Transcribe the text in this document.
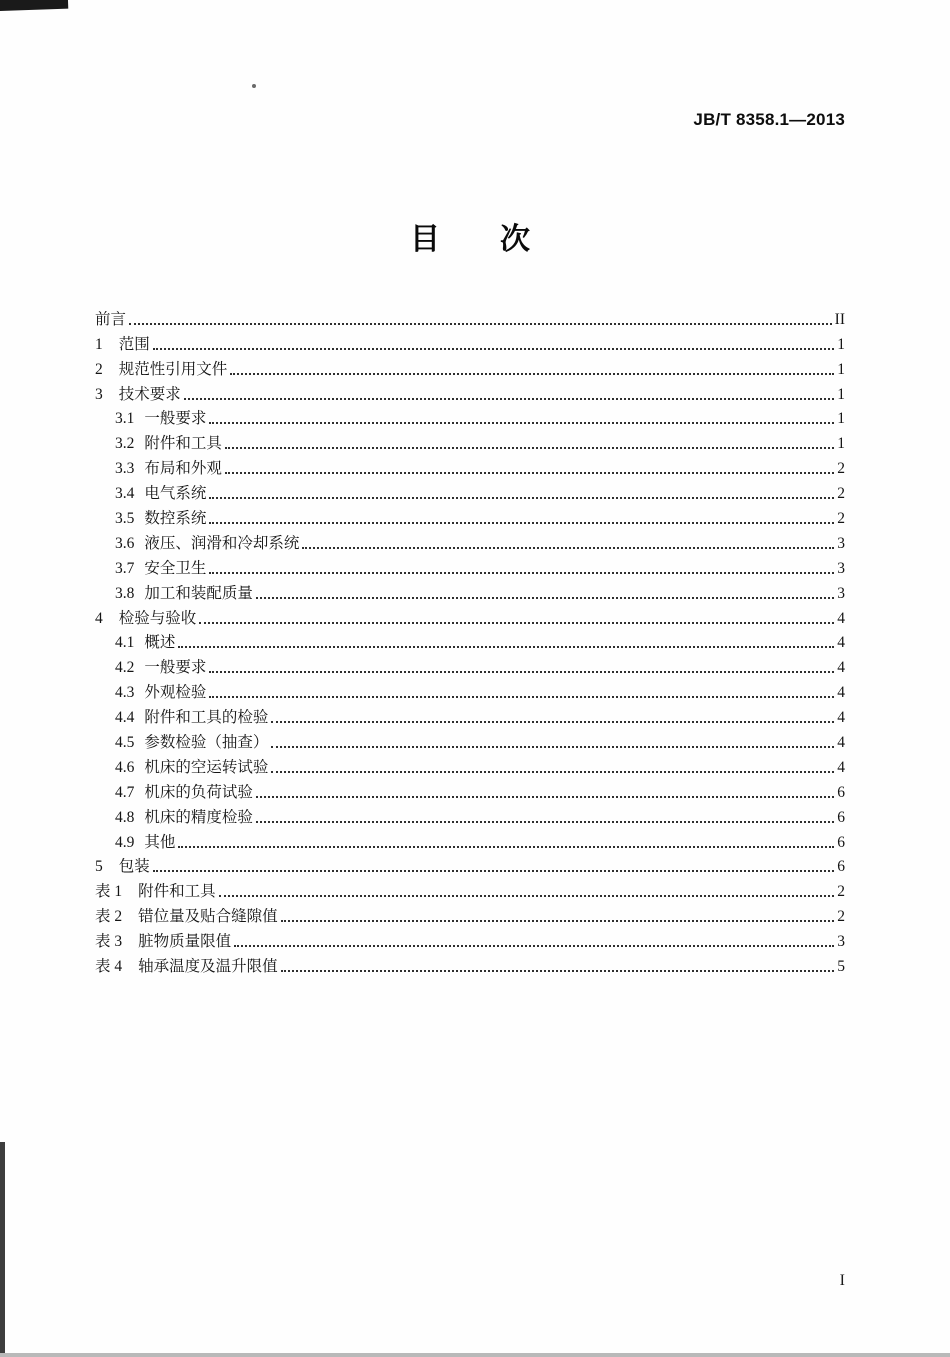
JB/T 8358.1—2013
目　　次
前言	II
1 范围	1
2 规范性引用文件	1
3 技术要求	1
3.1 一般要求	1
3.2 附件和工具	1
3.3 布局和外观	2
3.4 电气系统	2
3.5 数控系统	2
3.6 液压、润滑和冷却系统	3
3.7 安全卫生	3
3.8 加工和装配质量	3
4 检验与验收	4
4.1 概述	4
4.2 一般要求	4
4.3 外观检验	4
4.4 附件和工具的检验	4
4.5 参数检验（抽查）	4
4.6 机床的空运转试验	4
4.7 机床的负荷试验	6
4.8 机床的精度检验	6
4.9 其他	6
5 包装	6
表 1 附件和工具	2
表 2 错位量及贴合缝隙值	2
表 3 脏物质量限值	3
表 4 轴承温度及温升限值	5
I
